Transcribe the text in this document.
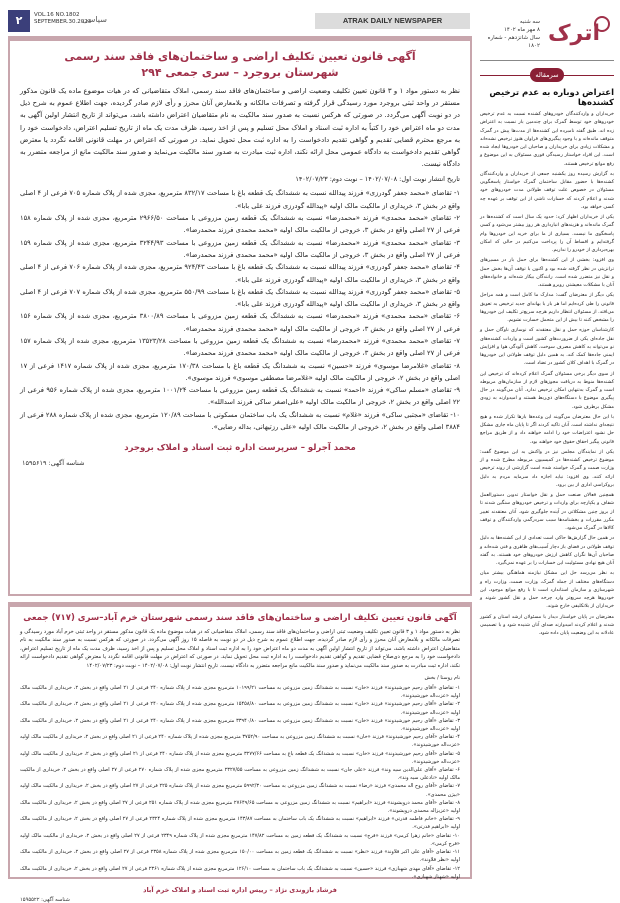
۲	VOL.16 NO.1802
SEPTEMBER.30.2023
سیاسی	ATRAK DAILY NEWSPAPER
آگهی قانون تعیین تکلیف اراضی و ساختمان‌های فاقد سند رسمی
شهرستان بروجرد – سری جمعی ۲۹۴
نظر به دستور مواد ۱ و ۳ قانون تعیین تکلیف وضعیت اراضی و ساختمان‌های فاقد سند رسمی، املاک متقاضیانی که در هیات موضوع ماده یک قانون مذکور مستقر در واحد ثبتی بروجرد مورد رسیدگی قرار گرفته و تصرفات مالکانه و بلامعارض آنان محرز و رأی لازم صادر گردیده، جهت اطلاع عموم به شرح ذیل در دو نوبت آگهی می‌گردد. در صورتی که هرکس نسبت به صدور سند مالکیت به نام متقاضیان اعتراض داشته باشد، می‌تواند از تاریخ انتشار اولین آگهی به مدت دو ماه اعتراض خود را کتباً به اداره ثبت اسناد و املاک محل تسلیم و پس از اخذ رسید، ظرف مدت یک ماه از تاریخ تسلیم اعتراض، دادخواست خود را به مرجع محترم قضایی تقدیم و گواهی تقدیم دادخواست را به اداره ثبت محل تحویل نماید. در صورتی که اعتراض در مهلت قانونی اقامه نگردد یا معترض گواهی تقدیم دادخواست به دادگاه عمومی محل ارائه نکند، اداره ثبت مبادرت به صدور سند مالکیت می‌نماید و صدور سند مالکیت مانع از مراجعه متضرر به دادگاه نیست.
تاریخ انتشار نوبت اول: ۱۴۰۲/۰۷/۰۸ – نوبت دوم: ۱۴۰۲/۰۷/۲۳

۱- تقاضای «محمد جعفر گودرزی» فرزند پیدالله نسبت به ششدانگ یک قطعه باغ با مساحت ۸۳۲/۱۷ مترمربع، مجزی شده از پلاک شماره ۷۰۵ فرعی از ۴ اصلی واقع در بخش ۳، خریداری از مالکیت مالک اولیه «پیدالله گودرزی فرزند علی بابا».

۲- تقاضای «محمد محمدی» فرزند «محمدرضا» نسبت به ششدانگ یک قطعه زمین مزروعی با مساحت ۲۹۶۶/۵۰ مترمربع، مجزی شده از پلاک شماره ۱۵۸ فرعی از ۲۷ اصلی واقع در بخش ۳، خروجی از مالکیت مالک اولیه «محمد محمدی فرزند محمدرضا».

۳- تقاضای «محمد محمدی» فرزند «محمدرضا» نسبت به ششدانگ یک قطعه زمین مزروعی با مساحت ۳۲۴۴/۹۳ مترمربع، مجزی شده از پلاک شماره ۱۵۹ فرعی از ۲۷ اصلی واقع در بخش ۳، خروجی از مالکیت مالک اولیه «محمد محمدی فرزند محمدرضا».

۴- تقاضای «محمد جعفر گودرزی» فرزند پیدالله نسبت به ششدانگ یک قطعه باغ با مساحت ۹۲۴/۴۳ مترمربع، مجزی شده از پلاک شماره ۷۰۶ فرعی از ۴ اصلی واقع در بخش ۳، خریداری از مالکیت مالک اولیه «پیدالله گودرزی فرزند علی بابا».

۵- تقاضای «محمد جعفر گودرزی» فرزند پیدالله نسبت به ششدانگ یک قطعه باغ با مساحت ۵۵۰/۹۹ مترمربع، مجزی شده از پلاک شماره ۷۰۷ فرعی از ۴ اصلی واقع در بخش ۳، خریداری از مالکیت مالک اولیه «پیدالله گودرزی فرزند علی بابا».

۶- تقاضای «محمد محمدی» فرزند «محمدرضا» نسبت به ششدانگ یک قطعه زمین مزروعی با مساحت ۳۸۰۰/۸۹ مترمربع، مجزی شده از پلاک شماره ۱۵۶ فرعی از ۲۷ اصلی واقع در بخش ۳، خروجی از مالکیت مالک اولیه «محمد محمدی فرزند محمدرضا».

۷- تقاضای «محمد محمدی» فرزند «محمدرضا» نسبت به ششدانگ یک قطعه زمین مزروعی با مساحت ۱۳۵۲۳/۲۸ مترمربع، مجزی شده از پلاک شماره ۱۵۷ فرعی از ۲۷ اصلی واقع در بخش ۳، خروجی از مالکیت مالک اولیه «محمد محمدی فرزند محمدرضا».

۸- تقاضای «غلامرضا موسوی» فرزند «حسین» نسبت به ششدانگ یک قطعه باغ با مساحت ۱۷۰/۳۸ مترمربع، مجزی شده از پلاک شماره ۱۴۱۷ فرعی از ۱۷ اصلی واقع در بخش ۲، خروجی از مالکیت مالک اولیه «غلامرضا مصطفی موسوی» فرزند موسوی».

۹- تقاضای «مسلم ساکی» فرزند «احمد» نسبت به ششدانگ یک قطعه زمین مزروعی با مساحت ۱۰۰۱/۲۴ مترمربع، مجزی شده از پلاک شماره ۹۵۶ فرعی از ۲۲ اصلی واقع در بخش ۲، خروجی از مالکیت مالک اولیه «علی‌اصغر ساکی فرزند اسدالله».

۱۰- تقاضای «مجتبی ساکی» فرزند «غلام» نسبت به ششدانگ یک باب ساختمان مسکونی با مساحت ۱۲۰/۸۹ مترمربع، مجزی شده از پلاک شماره ۲۸۸ فرعی از ۳۸۸۴ اصلی واقع در بخش ۲، خروجی از مالکیت مالک اولیه «علی رزتیهانی، بداله رضایی».

محمد آجرلو – سرپرست اداره ثبت اسناد و املاک بروجرد
شناسه آگهی: ۱۵۹۵۶۱۹
آگهی قانون تعیین تکلیف اراضی و ساختمان‌های فاقد سند رسمی شهرستان خرم آباد–سری (۷۱۷) جمعی
نظر به دستور مواد ۱ و ۳ قانون تعیین تکلیف وضعیت ثبتی اراضی و ساختمان‌های فاقد سند رسمی، املاک متقاضیانی که در هیات موضوع ماده یک قانون مذکور مستقر در واحد ثبتی خرم آباد مورد رسیدگی و تصرفات مالکانه و بلامعارض آنان محرز و رأی لازم صادر گردیده، جهت اطلاع عموم به شرح ذیل در دو نوبت به فاصله ۱۵ روز آگهی می‌گردد. در صورتی که هرکس نسبت به صدور سند مالکیت به نام متقاضیان اعتراض داشته باشد، می‌تواند از تاریخ انتشار اولین آگهی به مدت دو ماه اعتراض خود را به اداره ثبت اسناد و املاک محل تسلیم و پس از اخذ رسید، ظرف مدت یک ماه از تاریخ تسلیم اعتراض، دادخواست خود را به مرجع ذی‌صلاح قضایی تقدیم و گواهی تقدیم دادخواست را به اداره ثبت محل تحویل نماید. در صورتی که اعتراض در مهلت قانونی اقامه نگردد یا معترض گواهی تقدیم دادخواست ارائه نکند، اداره ثبت مبادرت به صدور سند مالکیت می‌نماید و صدور سند مالکیت مانع مراجعه متضرر به دادگاه نیست. تاریخ انتشار نوبت اول: ۱۴۰۲/۰۷/۰۸ – نوبت دوم: ۱۴۰۲/۰۷/۲۳
نام روستا / بخش

۱- تقاضای «آقای رحیم خورشیدوند» فرزند «خان» نسبت به ششدانگ زمین مزروعی به مساحت ۱۰۱۹۹/۲۱ مترمربع مجزی شده از پلاک شماره ۲۴۰ فرعی از ۲۱ اصلی واقع در بخش ۲، خریداری از مالکیت مالک اولیه «عزت‌اله خورشیدوند».

۲- تقاضای «آقای رحیم خورشیدوند» فرزند «خان» نسبت به ششدانگ زمین مزروعی به مساحت ۱۵۴۵۸/۸۰ مترمربع مجزی شده از پلاک شماره ۲۴۰ فرعی از ۲۱ اصلی واقع در بخش ۲، خریداری از مالکیت مالک اولیه «عزت‌اله خورشیدوند».

۳- تقاضای «آقای رحیم خورشیدوند» فرزند «خان» نسبت به ششدانگ زمین مزروعی به مساحت ۳۳۹۴۰/۸۰ مترمربع مجزی شده از پلاک شماره ۲۴۰ فرعی از ۲۱ اصلی واقع در بخش ۲، خریداری از مالکیت مالک اولیه «عزت‌اله خورشیدوند».

۴- تقاضای «آقای رحیم خورشیدوند» فرزند «خان» نسبت به ششدانگ زمین مزروعی به مساحت ۳۷۵۲/۹۰ مترمربع مجزی شده از پلاک شماره ۲۴۰ فرعی از ۲۱ اصلی واقع در بخش ۲، خریداری از مالکیت مالک اولیه «عزت‌اله خورشیدوند».

۵- تقاضای «آقای رحیم خورشیدوند» فرزند «خان» نسبت به ششدانگ یک قطعه باغ به مساحت ۳۲۷۷/۶۶ مترمربع مجزی شده از پلاک شماره ۲۴۰ فرعی از ۲۱ اصلی واقع در بخش ۲، خریداری از مالکیت مالک اولیه «عزت‌اله خورشیدوند».

۶- تقاضای «آقای علی‌الدین سیه وند» فرزند «علی جان» نسبت به ششدانگ زمین مزروعی به مساحت ۲۳۲۷/۵۵ مترمربع مجزی شده از پلاک شماره ۲۷۰ فرعی از ۲۷ اصلی واقع در بخش ۲، خریداری از مالکیت مالک اولیه «نادعلی سیه وند».

۷- تقاضای «آقای روح اله محمدی» فرزند «رضا» نسبت به ششدانگ زمین مزروعی به مساحت ۵۹۹۲/۳۰ مترمربع مجزی شده از پلاک شماره ۲۲۵ فرعی از ۲۷ اصلی واقع در بخش ۲، خریداری از مالکیت مالک اولیه «بیژن محمدی».

۸- تقاضای «آقای محمد درویشوند» فرزند «ابراهیم» نسبت به ششدانگ زمین مزروعی به مساحت ۲۷۶۴۹/۶۵ مترمربع مجزی شده از پلاک شماره ۲۵۱ فرعی از ۲۷ اصلی واقع در بخش ۲، خریداری از مالکیت مالک اولیه «عزیزاله محمدی درویشوند».

۹- تقاضای «خانم فاطمه قدرتی» فرزند «ابراهیم» نسبت به ششدانگ یک باب ساختمان به مساحت ۱۴۳/۸۷ مترمربع مجزی شده از پلاک شماره ۲۳۲۴ فرعی از ۲۷ اصلی واقع در بخش ۲، خریداری از مالکیت مالک اولیه «ابراهیم قدرتی».

۱۰- تقاضای «خانم زهرا کرمی» فرزند «فرج» نسبت به ششدانگ یک قطعه زمین به مساحت ۱۴۷/۸۲ مترمربع مجزی شده از پلاک شماره ۲۳۴۹ فرعی از ۲۷ اصلی واقع در بخش ۲، خریداری از مالکیت مالک اولیه «فرج کرمی».

۱۱- تقاضای «آقای علی اکبر قلاوند» فرزند «نظر» نسبت به ششدانگ یک قطعه زمین به مساحت ۱۵۰/۰۰ مترمربع مجزی شده از پلاک شماره ۲۳۵۸ فرعی از ۲۷ اصلی واقع در بخش ۲، خریداری از مالکیت مالک اولیه «نظر قلاوند».

۱۲- تقاضای «آقای مهدی شهبازی» فرزند «حسین» نسبت به ششدانگ یک باب ساختمان به مساحت ۱۲۶/۱۰ مترمربع مجزی شده از پلاک شماره ۲۳۶۱ فرعی از ۲۷ اصلی واقع در بخش ۲، خریداری از مالکیت مالک اولیه «شهناز شهبازی».

فرشاد بازوندی نژاد – رییس اداره ثبت اسناد و املاک خرم آباد
شناسه آگهی: ۱۵۹۵۵۲۲
اترک
سه شنبه
۸ مهر ماه ۱۴۰۲
سال شانزدهم - شماره ۱۸۰۲
سرمقاله
اعتراض دوباره به عدم ترخیص کشنده‌ها

خریداران و واردکنندگان خودروهای کشنده نسبت به عدم ترخیص خودروهای خود توسط گمرک برای چندمین بار نسبت به اعتراض زده‌ اند. طبق گفته نامبرده این کشنده‌ها از مدت‌ها پیش در گمرک متوقف مانده‌اند و با وجود پیگیری‌های فراوان هنوز ترخیص نشده‌اند و مشکلات زیادی برای خریداران و صاحبان این خودروها ایجاد شده است. این افراد خواستار رسیدگی فوری مسئولان به این موضوع و رفع موانع ترخیص هستند.

به گزارش رسیده روز یکشنبه جمعی از خریداران و واردکنندگان کشنده‌ها با حضور مقابل ساختمان گمرک خواستار پاسخگویی مسئولان در خصوص علت توقف طولانی مدت خودروهای خود شدند و اعلام کردند که خسارات ناشی از این توقف بر عهده چه کسی خواهد بود.

یکی از خریداران اظهار کرد: حدود یک سال است که کشنده‌ها در گمرک مانده‌اند و هزینه‌های انبارداری هر روز بیشتر می‌شود و کسی پاسخگوی ما نیست. بسیاری از ما برای خرید این خودروها وام گرفته‌ایم و اقساط آن را پرداخت می‌کنیم در حالی که امکان بهره‌برداری از خودرو را نداریم.

وی افزود: بخشی از این کشنده‌ها برای حمل بار در مسیرهای ترانزیتی در نظر گرفته شده بود و اکنون با توقف آن‌ها بخش حمل و نقل نیز متضرر شده است. رانندگان بیکار شده‌اند و خانواده‌های آنان با مشکلات معیشتی روبرو هستند.

یکی دیگر از معترضان گفت: مدارک ما کامل است و همه مراحل قانونی را طی کرده‌ایم اما هر بار با بهانه‌ای جدید ترخیص به تعویق می‌افتد. از مسئولان انتظار داریم هرچه سریع‌تر تکلیف این خودروها را مشخص کنند تا بیش از این متحمل خسارت نشویم.

کارشناسان حوزه حمل و نقل معتقدند که نوسازی ناوگان حمل و نقل جاده‌ای یکی از ضرورت‌های کشور است و واردات کشنده‌های نو می‌تواند به کاهش مصرف سوخت، کاهش آلودگی هوا و افزایش ایمنی جاده‌ها کمک کند. به همین دلیل توقف طولانی این خودروها در گمرک با اهداف کلان کشور در تضاد است.

از سوی دیگر برخی مسئولان گمرک اعلام کرده‌اند که ترخیص این کشنده‌ها منوط به دریافت مجوزهای لازم از سازمان‌های مربوطه است و گمرک به‌تنهایی امکان ترخیص ندارد. آنان می‌گویند در حال پیگیری موضوع با دستگاه‌های ذی‌ربط هستند و امیدوارند به زودی مشکل برطرف شود.

با این حال معترضان می‌گویند این وعده‌ها بارها تکرار شده و هیچ نتیجه‌ای نداشته است. آنان تاکید کردند اگر تا پایان ماه جاری مشکل حل نشود اعتراضات خود را ادامه خواهند داد و از طریق مراجع قانونی پیگیر احقاق حقوق خود خواهند بود.

یکی از نمایندگان مجلس نیز در واکنش به این موضوع گفت: موضوع ترخیص کشنده‌ها در کمیسیون مربوطه مطرح شده و از وزارت صمت و گمرک خواسته شده است گزارشی از روند ترخیص ارائه کنند. وی افزود: نباید اجازه داد سرمایه مردم به دلیل بروکراسی اداری از بین برود.

همچنین فعالان صنعت حمل و نقل خواستار تدوین دستورالعمل شفاف و یکپارچه برای واردات و ترخیص خودروهای سنگین شدند تا از بروز چنین مشکلاتی در آینده جلوگیری شود. آنان معتقدند تغییر مکرر مقررات و بخشنامه‌ها سبب سردرگمی واردکنندگان و توقف کالاها در گمرک می‌شود.

در همین حال گزارش‌ها حاکی است تعدادی از این کشنده‌ها به دلیل توقف طولانی در فضای باز دچار آسیب‌های ظاهری و فنی شده‌اند و صاحبان آن‌ها نگران کاهش ارزش خودروهای خود هستند. به گفته آنان هیچ نهادی مسئولیت این خسارات را بر عهده نمی‌گیرد.

به نظر می‌رسد حل این مشکل نیازمند هماهنگی بیشتر میان دستگاه‌های مختلف از جمله گمرک، وزارت صمت، وزارت راه و شهرسازی و سازمان استاندارد است تا با رفع موانع موجود، این خودروها هرچه سریع‌تر وارد چرخه حمل و نقل کشور شوند و خریداران از بلاتکلیفی خارج شوند.

معترضان در پایان خواستار دیدار با مسئولان ارشد استان و کشور شدند و اعلام کردند امیدوارند صدای آنان شنیده شود و با تصمیمی عادلانه به این وضعیت پایان داده شود.
